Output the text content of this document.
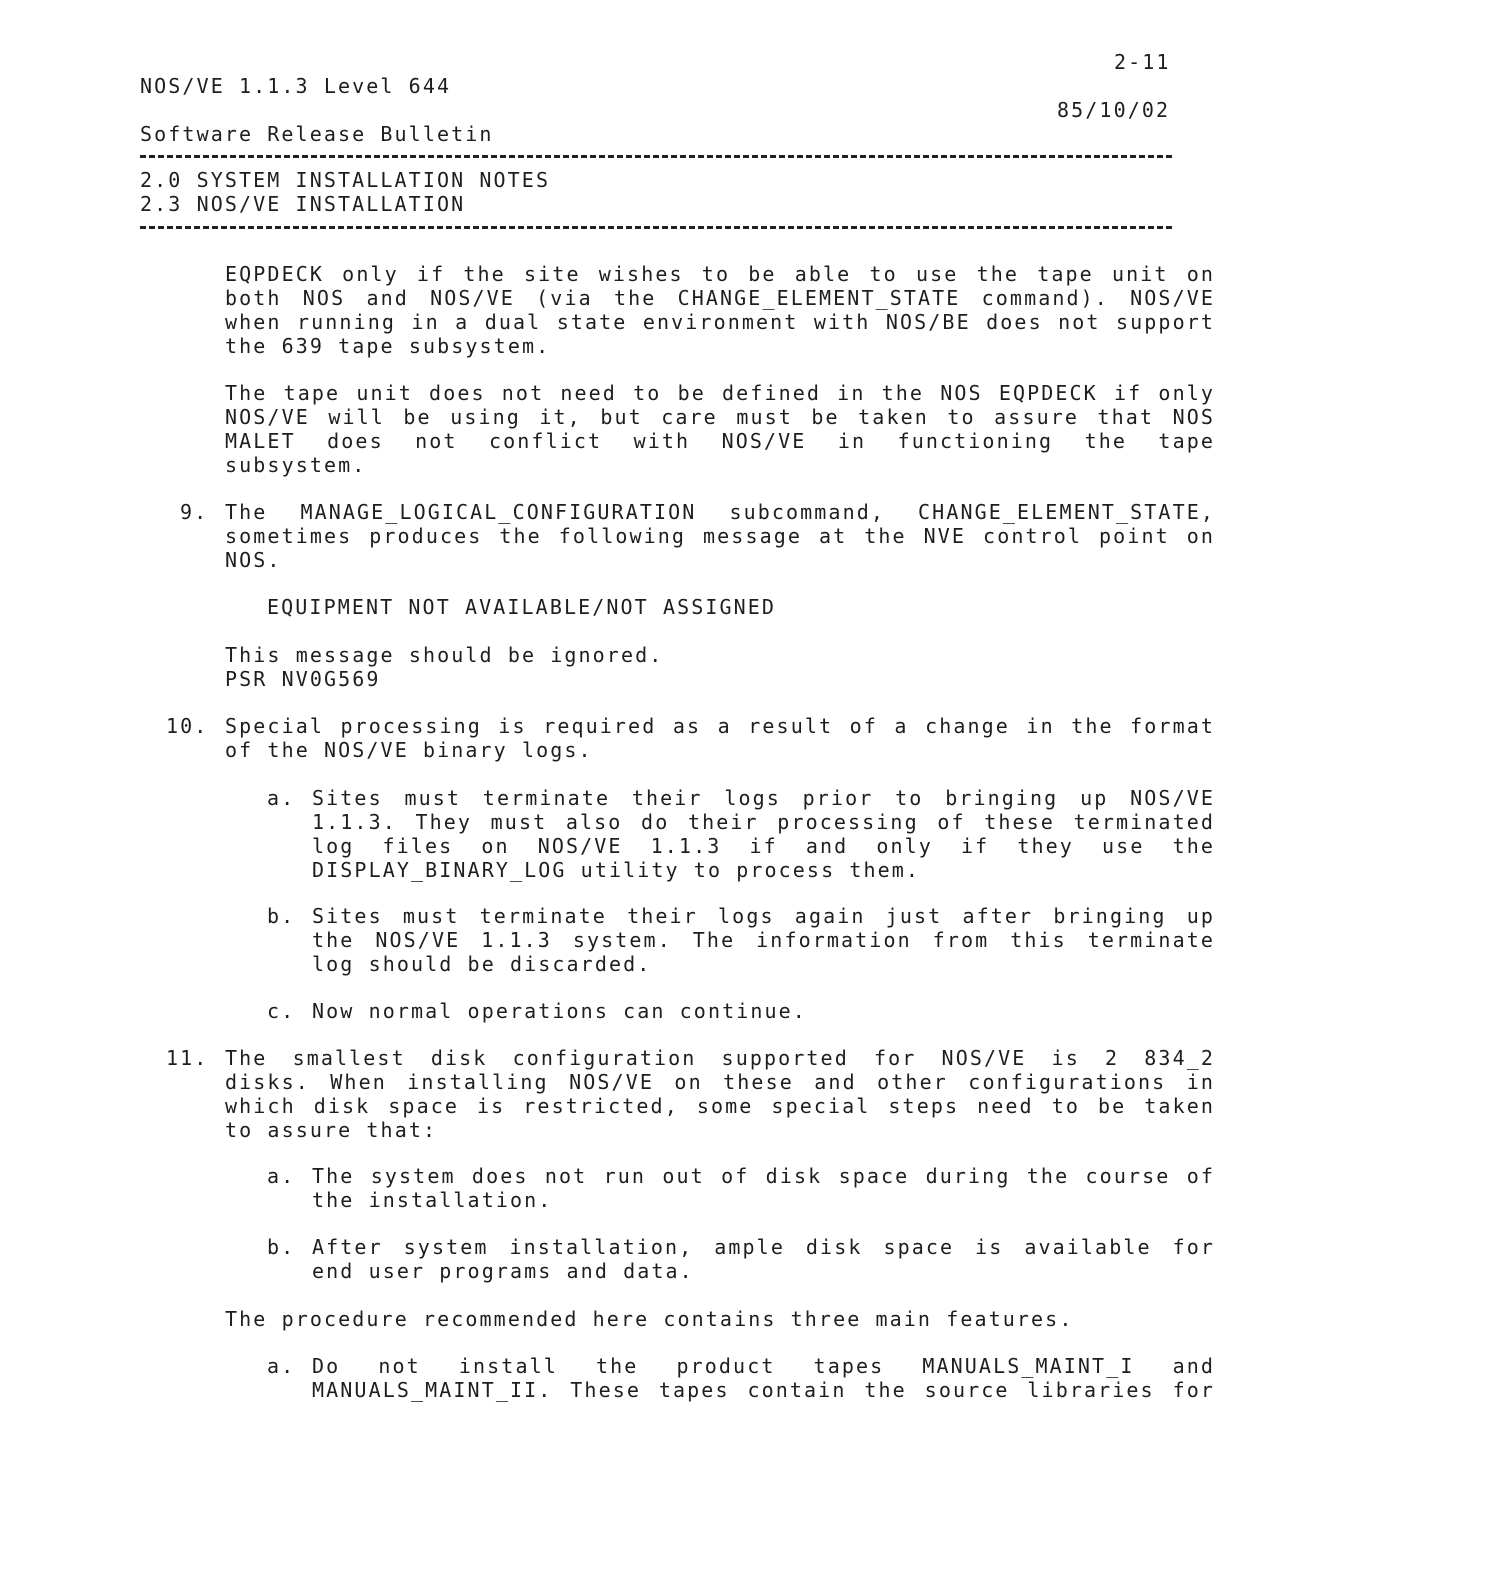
2-11
NOS/VE 1.1.3 Level 644
85/10/02
Software Release Bulletin
2.0 SYSTEM INSTALLATION NOTES
2.3 NOS/VE INSTALLATION
EQPDECK only if the site wishes to be able to use the tape unit on
both NOS and NOS/VE (via the CHANGE_ELEMENT_STATE command). NOS/VE
when running in a dual state environment with NOS/BE does not support
the 639 tape subsystem.
The tape unit does not need to be defined in the NOS EQPDECK if only
NOS/VE will be using it, but care must be taken to assure that NOS
MALET does not conflict with NOS/VE in functioning the tape
subsystem.
9. The MANAGE_LOGICAL_CONFIGURATION subcommand, CHANGE_ELEMENT_STATE,
sometimes produces the following message at the NVE control point on
NOS.
EQUIPMENT NOT AVAILABLE/NOT ASSIGNED
This message should be ignored.
PSR NV0G569
10. Special processing is required as a result of a change in the format
of the NOS/VE binary logs.
a. Sites must terminate their logs prior to bringing up NOS/VE
1.1.3. They must also do their processing of these terminated
log files on NOS/VE 1.1.3 if and only if they use the
DISPLAY_BINARY_LOG utility to process them.
b. Sites must terminate their logs again just after bringing up
the NOS/VE 1.1.3 system. The information from this terminate
log should be discarded.
c. Now normal operations can continue.
11. The smallest disk configuration supported for NOS/VE is 2 834_2
disks. When installing NOS/VE on these and other configurations in
which disk space is restricted, some special steps need to be taken
to assure that:
a. The system does not run out of disk space during the course of
the installation.
b. After system installation, ample disk space is available for
end user programs and data.
The procedure recommended here contains three main features.
a. Do not install the product tapes MANUALS_MAINT_I and
MANUALS_MAINT_II. These tapes contain the source libraries for
